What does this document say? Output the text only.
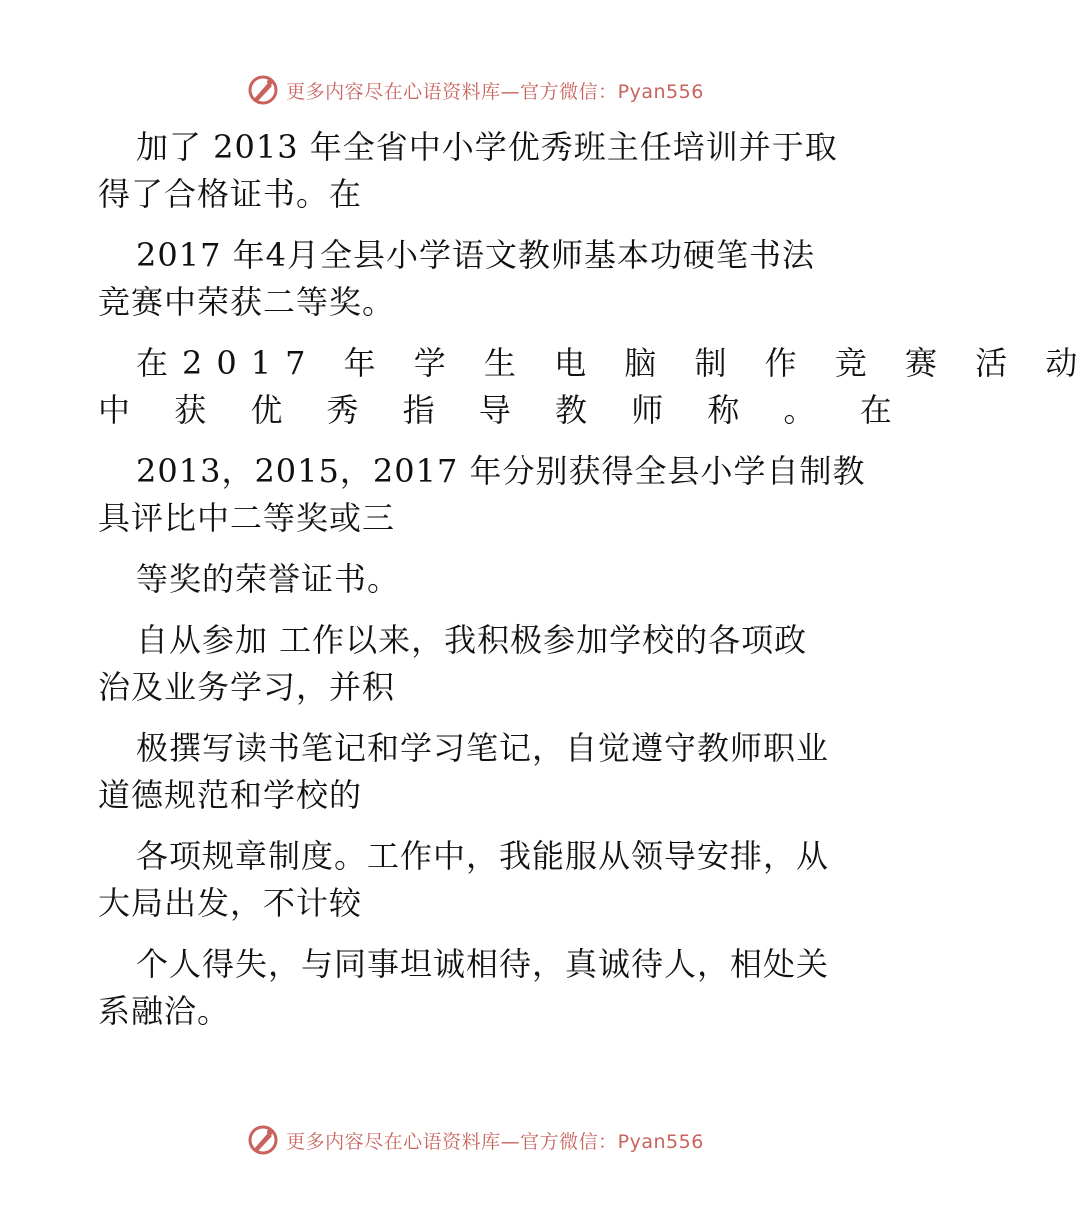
更多内容尽在心语资料库—官方微信：Pyan556
加了 2013 年全省中小学优秀班主任培训并于取
得了合格证书。在
2017 年4月全县小学语文教师基本功硬笔书法
竞赛中荣获二等奖。
在2017 年 学 生 电 脑 制 作 竞 赛 活 动
中 获 优 秀 指 导 教 师 称 。 在
2013，2015，2017 年分别获得全县小学自制教
具评比中二等奖或三
等奖的荣誉证书。
自从参加 工作以来，我积极参加学校的各项政
治及业务学习，并积
极撰写读书笔记和学习笔记，自觉遵守教师职业
道德规范和学校的
各项规章制度。工作中，我能服从领导安排，从
大局出发，不计较
个人得失，与同事坦诚相待，真诚待人，相处关
系融洽。
更多内容尽在心语资料库—官方微信：Pyan556
